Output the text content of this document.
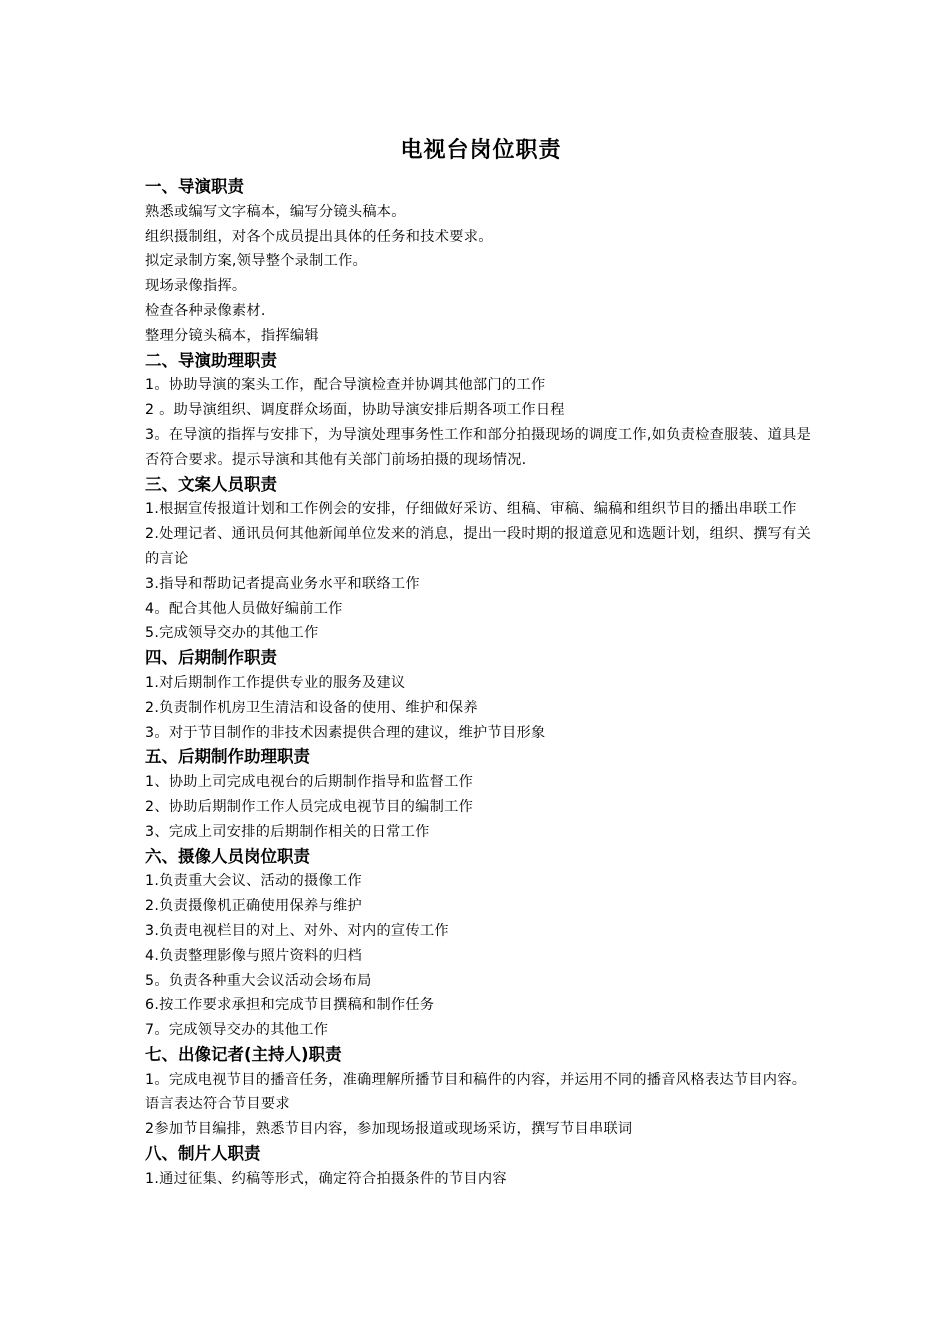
电视台岗位职责
一、导演职责
熟悉或编写文字稿本，编写分镜头稿本。
组织摄制组，对各个成员提出具体的任务和技术要求。
拟定录制方案,领导整个录制工作。
现场录像指挥。
检查各种录像素材.
整理分镜头稿本，指挥编辑
二、导演助理职责
1。协助导演的案头工作，配合导演检查并协调其他部门的工作
2 。助导演组织、调度群众场面，协助导演安排后期各项工作日程
3。在导演的指挥与安排下，为导演处理事务性工作和部分拍摄现场的调度工作,如负责检查服装、道具是否符合要求。提示导演和其他有关部门前场拍摄的现场情况.
三、文案人员职责
1.根据宣传报道计划和工作例会的安排，仔细做好采访、组稿、审稿、编稿和组织节目的播出串联工作
2.处理记者、通讯员何其他新闻单位发来的消息，提出一段时期的报道意见和选题计划，组织、撰写有关的言论
3.指导和帮助记者提高业务水平和联络工作
4。配合其他人员做好编前工作
5.完成领导交办的其他工作
四、后期制作职责
1.对后期制作工作提供专业的服务及建议
2.负责制作机房卫生清洁和设备的使用、维护和保养
3。对于节目制作的非技术因素提供合理的建议，维护节目形象
五、后期制作助理职责
1、协助上司完成电视台的后期制作指导和监督工作
2、协助后期制作工作人员完成电视节目的编制工作
3、完成上司安排的后期制作相关的日常工作
六、摄像人员岗位职责
1.负责重大会议、活动的摄像工作
2.负责摄像机正确使用保养与维护
3.负责电视栏目的对上、对外、对内的宣传工作
4.负责整理影像与照片资料的归档
5。负责各种重大会议活动会场布局
6.按工作要求承担和完成节目撰稿和制作任务
7。完成领导交办的其他工作
七、出像记者(主持人)职责
1。完成电视节目的播音任务，准确理解所播节目和稿件的内容，并运用不同的播音风格表达节目内容。语言表达符合节目要求
2参加节目编排，熟悉节目内容，参加现场报道或现场采访，撰写节目串联词
八、制片人职责
1.通过征集、约稿等形式，确定符合拍摄条件的节目内容
